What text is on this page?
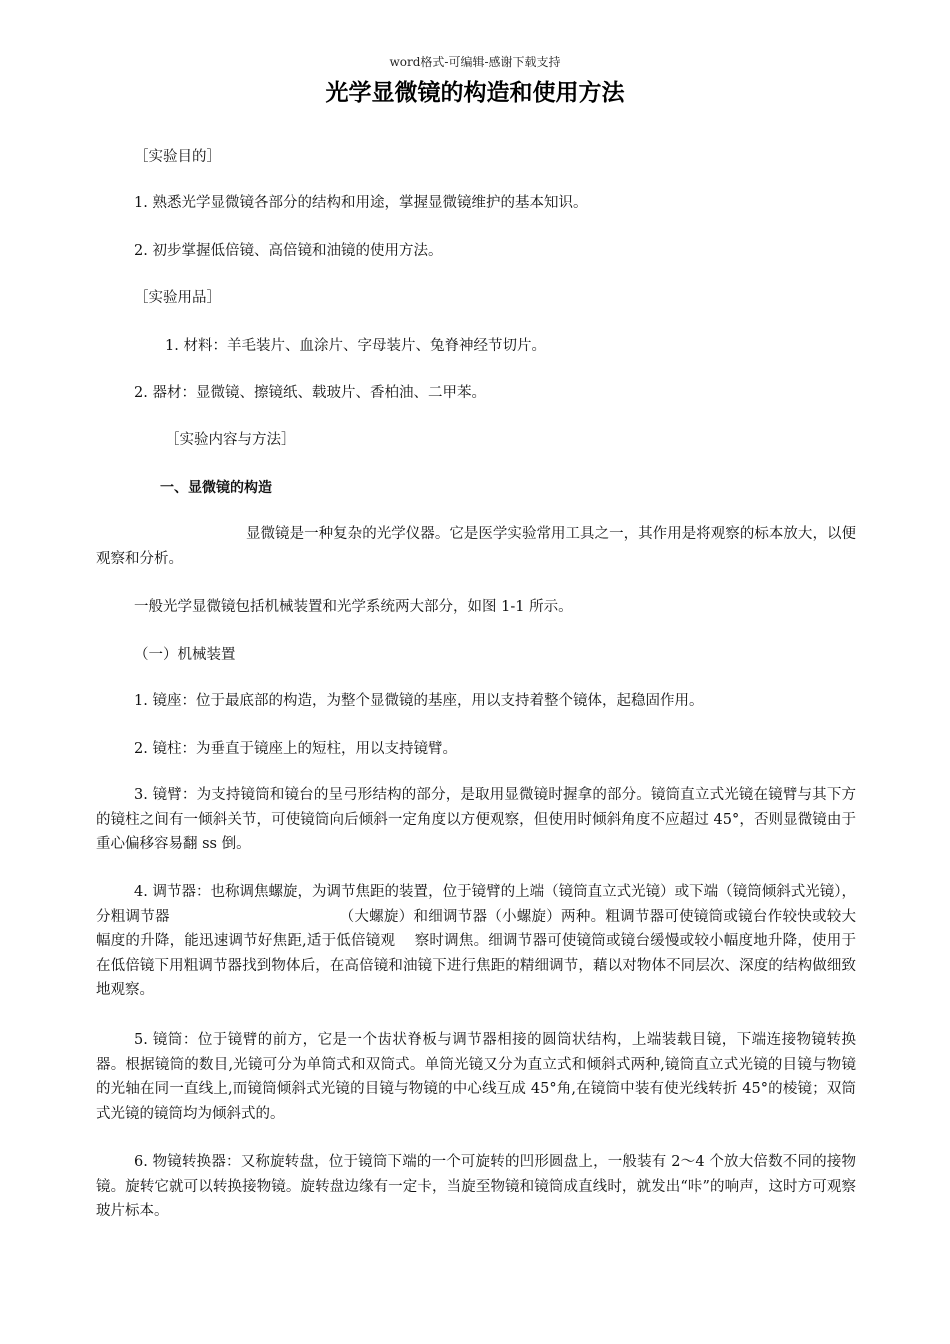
word格式-可编辑-感谢下载支持
光学显微镜的构造和使用方法
［实验目的］
1. 熟悉光学显微镜各部分的结构和用途，掌握显微镜维护的基本知识。
2. 初步掌握低倍镜、高倍镜和油镜的使用方法。
［实验用品］
1. 材料：羊毛装片、血涂片、字母装片、兔脊神经节切片。
2. 器材：显微镜、擦镜纸、载玻片、香柏油、二甲苯。
［实验内容与方法］
一、显微镜的构造
显微镜是一种复杂的光学仪器。它是医学实验常用工具之一，其作用是将观察的标本放大，以便观察和分析。
一般光学显微镜包括机械装置和光学系统两大部分，如图 1-1 所示。
（一）机械装置
1. 镜座：位于最底部的构造，为整个显微镜的基座，用以支持着整个镜体，起稳固作用。
2. 镜柱：为垂直于镜座上的短柱，用以支持镜臂。
3. 镜臂：为支持镜筒和镜台的呈弓形结构的部分，是取用显微镜时握拿的部分。镜筒直立式光镜在镜臂与其下方的镜柱之间有一倾斜关节，可使镜筒向后倾斜一定角度以方便观察，但使用时倾斜角度不应超过 45°，否则显微镜由于重心偏移容易翻 ss 倒。
4. 调节器：也称调焦螺旋，为调节焦距的装置，位于镜臂的上端（镜筒直立式光镜）或下端（镜筒倾斜式光镜），分粗调节器　　　　　　　　　　　　（大螺旋）和细调节器（小螺旋）两种。粗调节器可使镜筒或镜台作较快或较大幅度的升降，能迅速调节好焦距,适于低倍镜观　 察时调焦。细调节器可使镜筒或镜台缓慢或较小幅度地升降，使用于在低倍镜下用粗调节器找到物体后，在高倍镜和油镜下进行焦距的精细调节，藉以对物体不同层次、深度的结构做细致地观察。
5. 镜筒：位于镜臂的前方，它是一个齿状脊板与调节器相接的圆筒状结构，上端装载目镜，下端连接物镜转换器。根据镜筒的数目,光镜可分为单筒式和双筒式。单筒光镜又分为直立式和倾斜式两种,镜筒直立式光镜的目镜与物镜的光轴在同一直线上,而镜筒倾斜式光镜的目镜与物镜的中心线互成 45°角,在镜筒中装有使光线转折 45°的棱镜；双筒式光镜的镜筒均为倾斜式的。
6. 物镜转换器：又称旋转盘，位于镜筒下端的一个可旋转的凹形圆盘上，一般装有 2～4 个放大倍数不同的接物镜。旋转它就可以转换接物镜。旋转盘边缘有一定卡，当旋至物镜和镜筒成直线时，就发出“咔”的响声，这时方可观察玻片标本。
